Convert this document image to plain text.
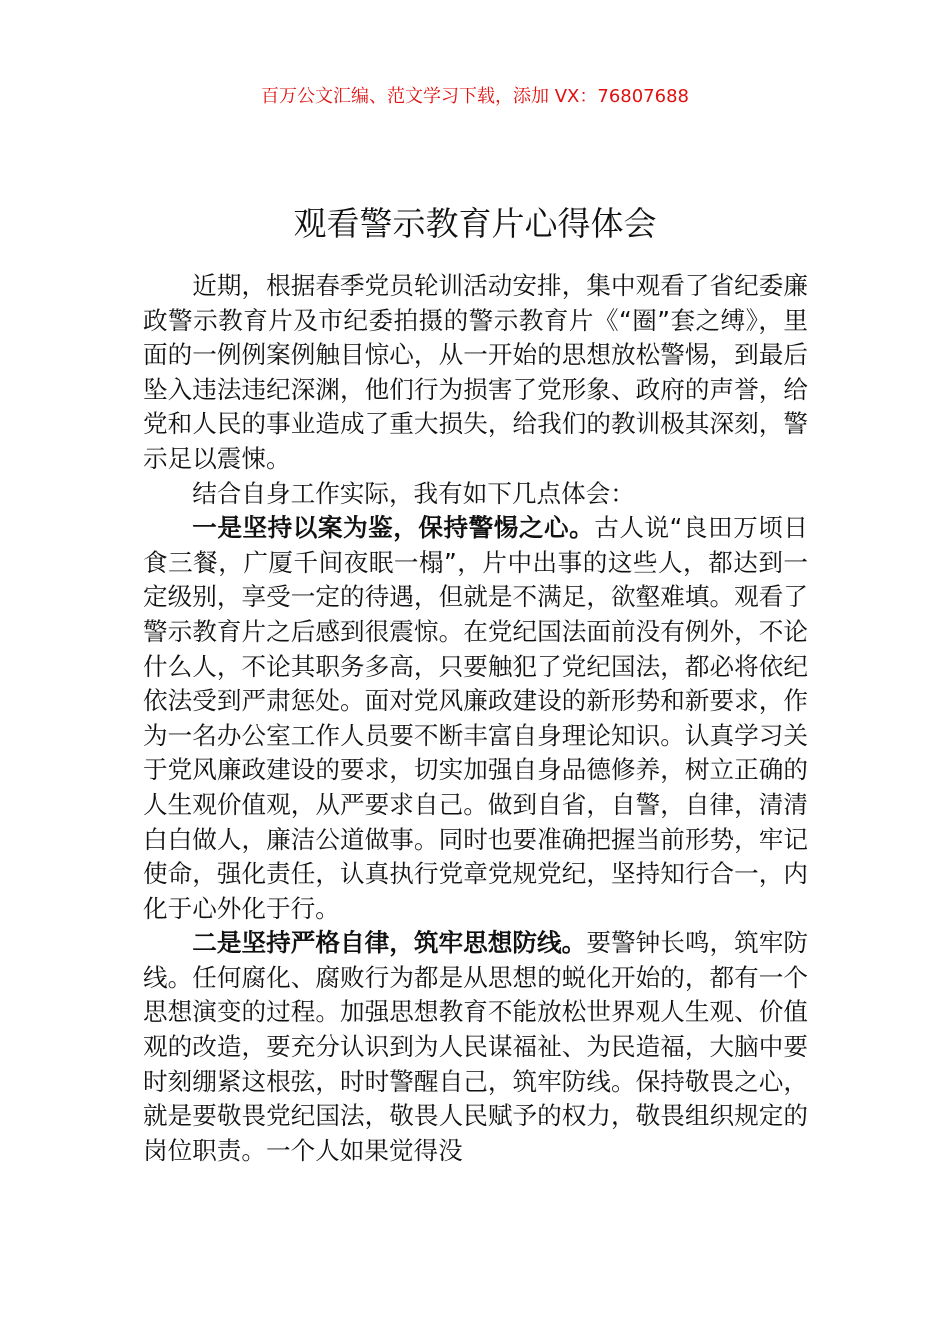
百万公文汇编、范文学习下载，添加 VX：76807688
观看警示教育片心得体会

近期，根据春季党员轮训活动安排，集中观看了省纪委廉政警示教育片及市纪委拍摄的警示教育片《“圈”套之缚》，里面的一例例案例触目惊心，从一开始的思想放松警惕，到最后坠入违法违纪深渊，他们行为损害了党形象、政府的声誉，给党和人民的事业造成了重大损失，给我们的教训极其深刻，警示足以震悚。

结合自身工作实际，我有如下几点体会：

一是坚持以案为鉴，保持警惕之心。古人说“良田万顷日食三餐，广厦千间夜眠一榻”，片中出事的这些人，都达到一定级别，享受一定的待遇，但就是不满足，欲壑难填。观看了警示教育片之后感到很震惊。在党纪国法面前没有例外，不论什么人，不论其职务多高，只要触犯了党纪国法，都必将依纪依法受到严肃惩处。面对党风廉政建设的新形势和新要求，作为一名办公室工作人员要不断丰富自身理论知识。认真学习关于党风廉政建设的要求，切实加强自身品德修养，树立正确的人生观价值观，从严要求自己。做到自省，自警，自律，清清白白做人，廉洁公道做事。同时也要准确把握当前形势，牢记使命，强化责任，认真执行党章党规党纪，坚持知行合一，内化于心外化于行。

二是坚持严格自律，筑牢思想防线。要警钟长鸣，筑牢防线。任何腐化、腐败行为都是从思想的蜕化开始的，都有一个思想演变的过程。加强思想教育不能放松世界观人生观、价值观的改造，要充分认识到为人民谋福祉、为民造福，大脑中要时刻绷紧这根弦，时时警醒自己，筑牢防线。保持敬畏之心，就是要敬畏党纪国法，敬畏人民赋予的权力，敬畏组织规定的岗位职责。一个人如果觉得没
